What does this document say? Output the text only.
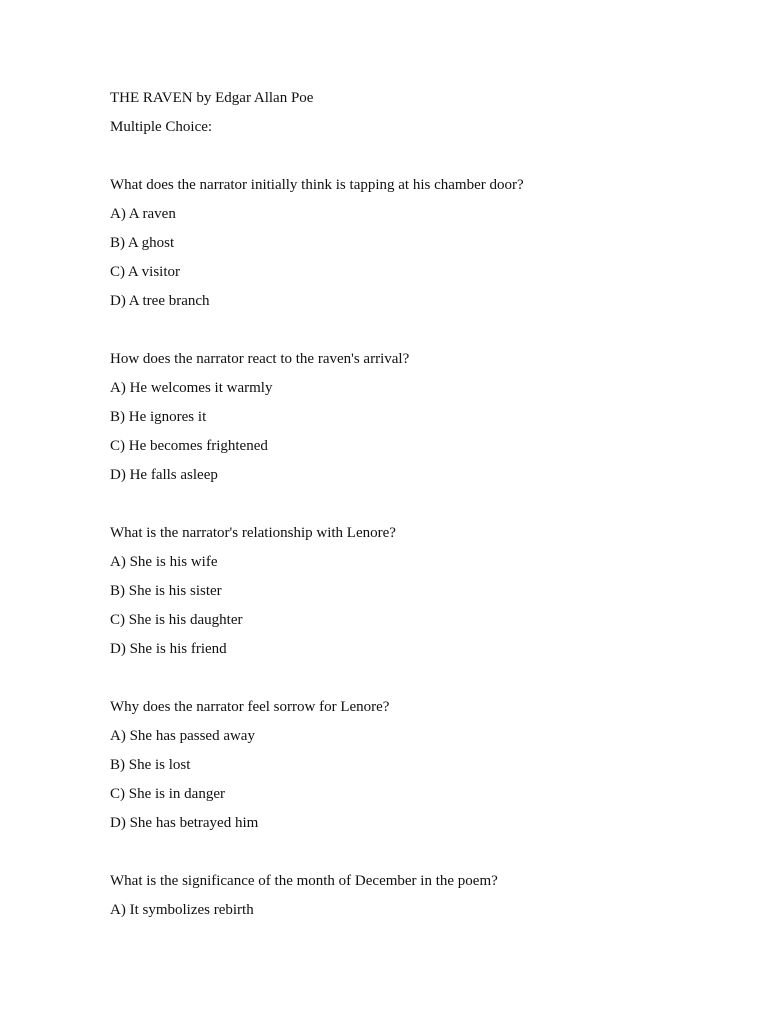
THE RAVEN by Edgar Allan Poe
Multiple Choice:
What does the narrator initially think is tapping at his chamber door?
A) A raven
B) A ghost
C) A visitor
D) A tree branch
How does the narrator react to the raven's arrival?
A) He welcomes it warmly
B) He ignores it
C) He becomes frightened
D) He falls asleep
What is the narrator's relationship with Lenore?
A) She is his wife
B) She is his sister
C) She is his daughter
D) She is his friend
Why does the narrator feel sorrow for Lenore?
A) She has passed away
B) She is lost
C) She is in danger
D) She has betrayed him
What is the significance of the month of December in the poem?
A) It symbolizes rebirth
